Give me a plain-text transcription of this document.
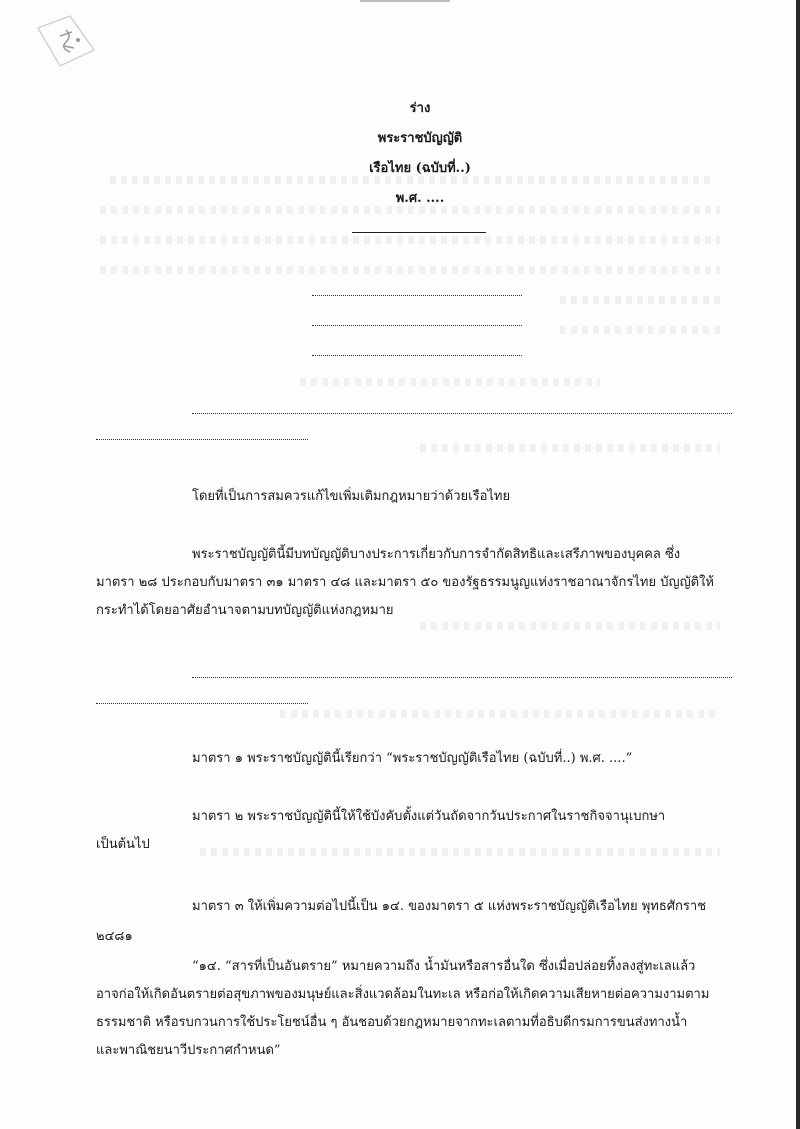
ร่าง
พระราชบัญญัติ
เรือไทย (ฉบับที่..)
พ.ศ. ....
โดยที่เป็นการสมควรแก้ไขเพิ่มเติมกฎหมายว่าด้วยเรือไทย
พระราชบัญญัตินี้มีบทบัญญัติบางประการเกี่ยวกับการจำกัดสิทธิและเสรีภาพของบุคคล ซึ่ง
มาตรา ๒๘ ประกอบกับมาตรา ๓๑ มาตรา ๔๘ และมาตรา ๕๐ ของรัฐธรรมนูญแห่งราชอาณาจักรไทย บัญญัติให้
กระทำได้โดยอาศัยอำนาจตามบทบัญญัติแห่งกฎหมาย
มาตรา ๑ พระราชบัญญัตินี้เรียกว่า “พระราชบัญญัติเรือไทย (ฉบับที่..) พ.ศ. ....”
มาตรา ๒ พระราชบัญญัตินี้ให้ใช้บังคับตั้งแต่วันถัดจากวันประกาศในราชกิจจานุเบกษา
เป็นต้นไป
มาตรา ๓ ให้เพิ่มความต่อไปนี้เป็น ๑๔. ของมาตรา ๕ แห่งพระราชบัญญัติเรือไทย พุทธศักราช
๒๔๘๑
“๑๔. “สารที่เป็นอันตราย” หมายความถึง น้ำมันหรือสารอื่นใด ซึ่งเมื่อปล่อยทิ้งลงสู่ทะเลแล้ว
อาจก่อให้เกิดอันตรายต่อสุขภาพของมนุษย์และสิ่งแวดล้อมในทะเล หรือก่อให้เกิดความเสียหายต่อความงามตาม
ธรรมชาติ หรือรบกวนการใช้ประโยชน์อื่น ๆ อันชอบด้วยกฎหมายจากทะเลตามที่อธิบดีกรมการขนส่งทางน้ำ
และพาณิชยนาวีประกาศกำหนด”
